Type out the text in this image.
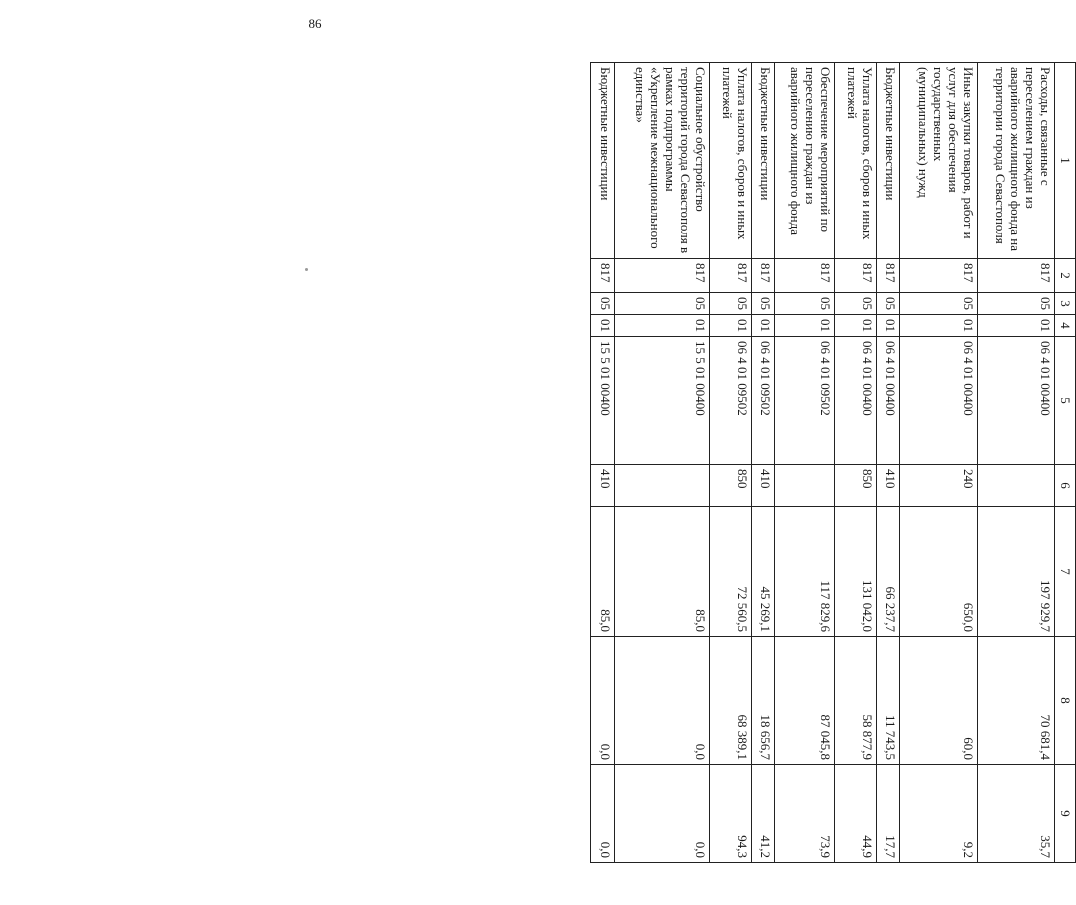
86
1	2	3	4	5	6	7	8	9
Расходы, связанные с переселением граждан из аварийного жилищного фонда на территории города Севастополя	817	05	01	06 4 01 00400		197 929,7	70 681,4	35,7
Иные закупки товаров, работ и услуг для обеспечения государственных (муниципальных) нужд	817	05	01	06 4 01 00400	240	650,0	60,0	9,2
Бюджетные инвестиции	817	05	01	06 4 01 00400	410	66 237,7	11 743,5	17,7
Уплата налогов, сборов и иных платежей	817	05	01	06 4 01 00400	850	131 042,0	58 877,9	44,9
Обеспечение мероприятий по переселению граждан из аварийного жилищного фонда	817	05	01	06 4 01 09502		117 829,6	87 045,8	73,9
Бюджетные инвестиции	817	05	01	06 4 01 09502	410	45 269,1	18 656,7	41,2
Уплата налогов, сборов и иных платежей	817	05	01	06 4 01 09502	850	72 560,5	68 389,1	94,3
Социальное обустройство территорий города Севастополя в рамках подпрограммы «Укрепление межнационального единства»	817	05	01	15 5 01 00400		85,0	0,0	0,0
Бюджетные инвестиции	817	05	01	15 5 01 00400	410	85,0	0,0	0,0
